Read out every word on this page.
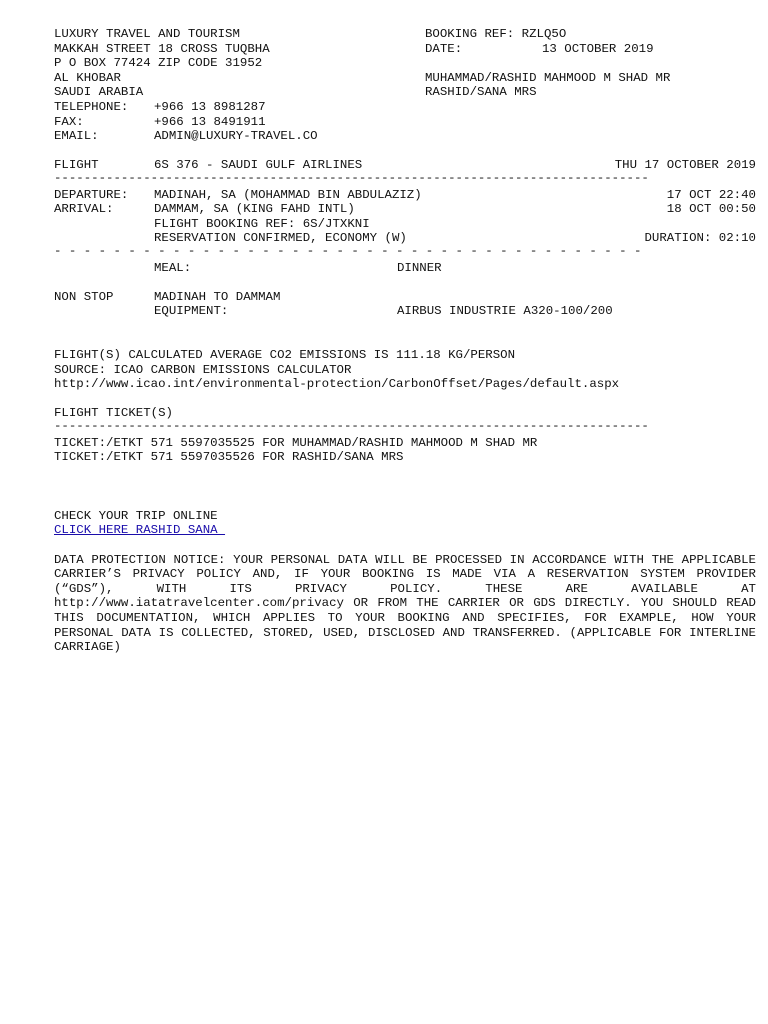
LUXURY TRAVEL AND TOURISM	BOOKING REF: RZLQ5O
MAKKAH STREET 18 CROSS TUQBHA	DATE:	13 OCTOBER 2019
P O BOX 77424 ZIP CODE 31952
AL KHOBAR	MUHAMMAD/RASHID MAHMOOD M SHAD MR
SAUDI ARABIA	RASHID/SANA MRS
TELEPHONE:	+966 13 8981287
FAX:	+966 13 8491911
EMAIL:	ADMIN@LUXURY-TRAVEL.CO
FLIGHT	6S 376 - SAUDI GULF AIRLINES	THU 17 OCTOBER 2019
--------------------------------------------------------------------------------
DEPARTURE: MADINAH, SA (MOHAMMAD BIN ABDULAZIZ)	17 OCT 22:40
ARRIVAL:	DAMMAM, SA (KING FAHD INTL)	18 OCT 00:50
FLIGHT BOOKING REF: 6S/JTXKNI
RESERVATION CONFIRMED, ECONOMY (W)	DURATION: 02:10
- - - - - - - - - - - - - - - - - - - - - - - - - - - - - - - - - - - - - - - -
MEAL:	DINNER
NON STOP	MADINAH TO DAMMAM
EQUIPMENT:	AIRBUS INDUSTRIE A320-100/200
FLIGHT(S) CALCULATED AVERAGE CO2 EMISSIONS IS 111.18 KG/PERSON
SOURCE: ICAO CARBON EMISSIONS CALCULATOR
http://www.icao.int/environmental-protection/CarbonOffset/Pages/default.aspx
FLIGHT TICKET(S)
--------------------------------------------------------------------------------
TICKET:/ETKT 571 5597035525 FOR MUHAMMAD/RASHID MAHMOOD M SHAD MR
TICKET:/ETKT 571 5597035526 FOR RASHID/SANA MRS
CHECK YOUR TRIP ONLINE
CLICK HERE RASHID SANA
DATA PROTECTION NOTICE: YOUR PERSONAL DATA WILL BE PROCESSED IN ACCORDANCE WITH THE APPLICABLE CARRIER’S PRIVACY POLICY AND, IF YOUR BOOKING IS MADE VIA A RESERVATION SYSTEM PROVIDER (“GDS”), WITH ITS PRIVACY POLICY. THESE ARE AVAILABLE AT http://www.iatatravelcenter.com/privacy OR FROM THE CARRIER OR GDS DIRECTLY. YOU SHOULD READ THIS DOCUMENTATION, WHICH APPLIES TO YOUR BOOKING AND SPECIFIES, FOR EXAMPLE, HOW YOUR PERSONAL DATA IS COLLECTED, STORED, USED, DISCLOSED AND TRANSFERRED. (APPLICABLE FOR INTERLINE CARRIAGE)
